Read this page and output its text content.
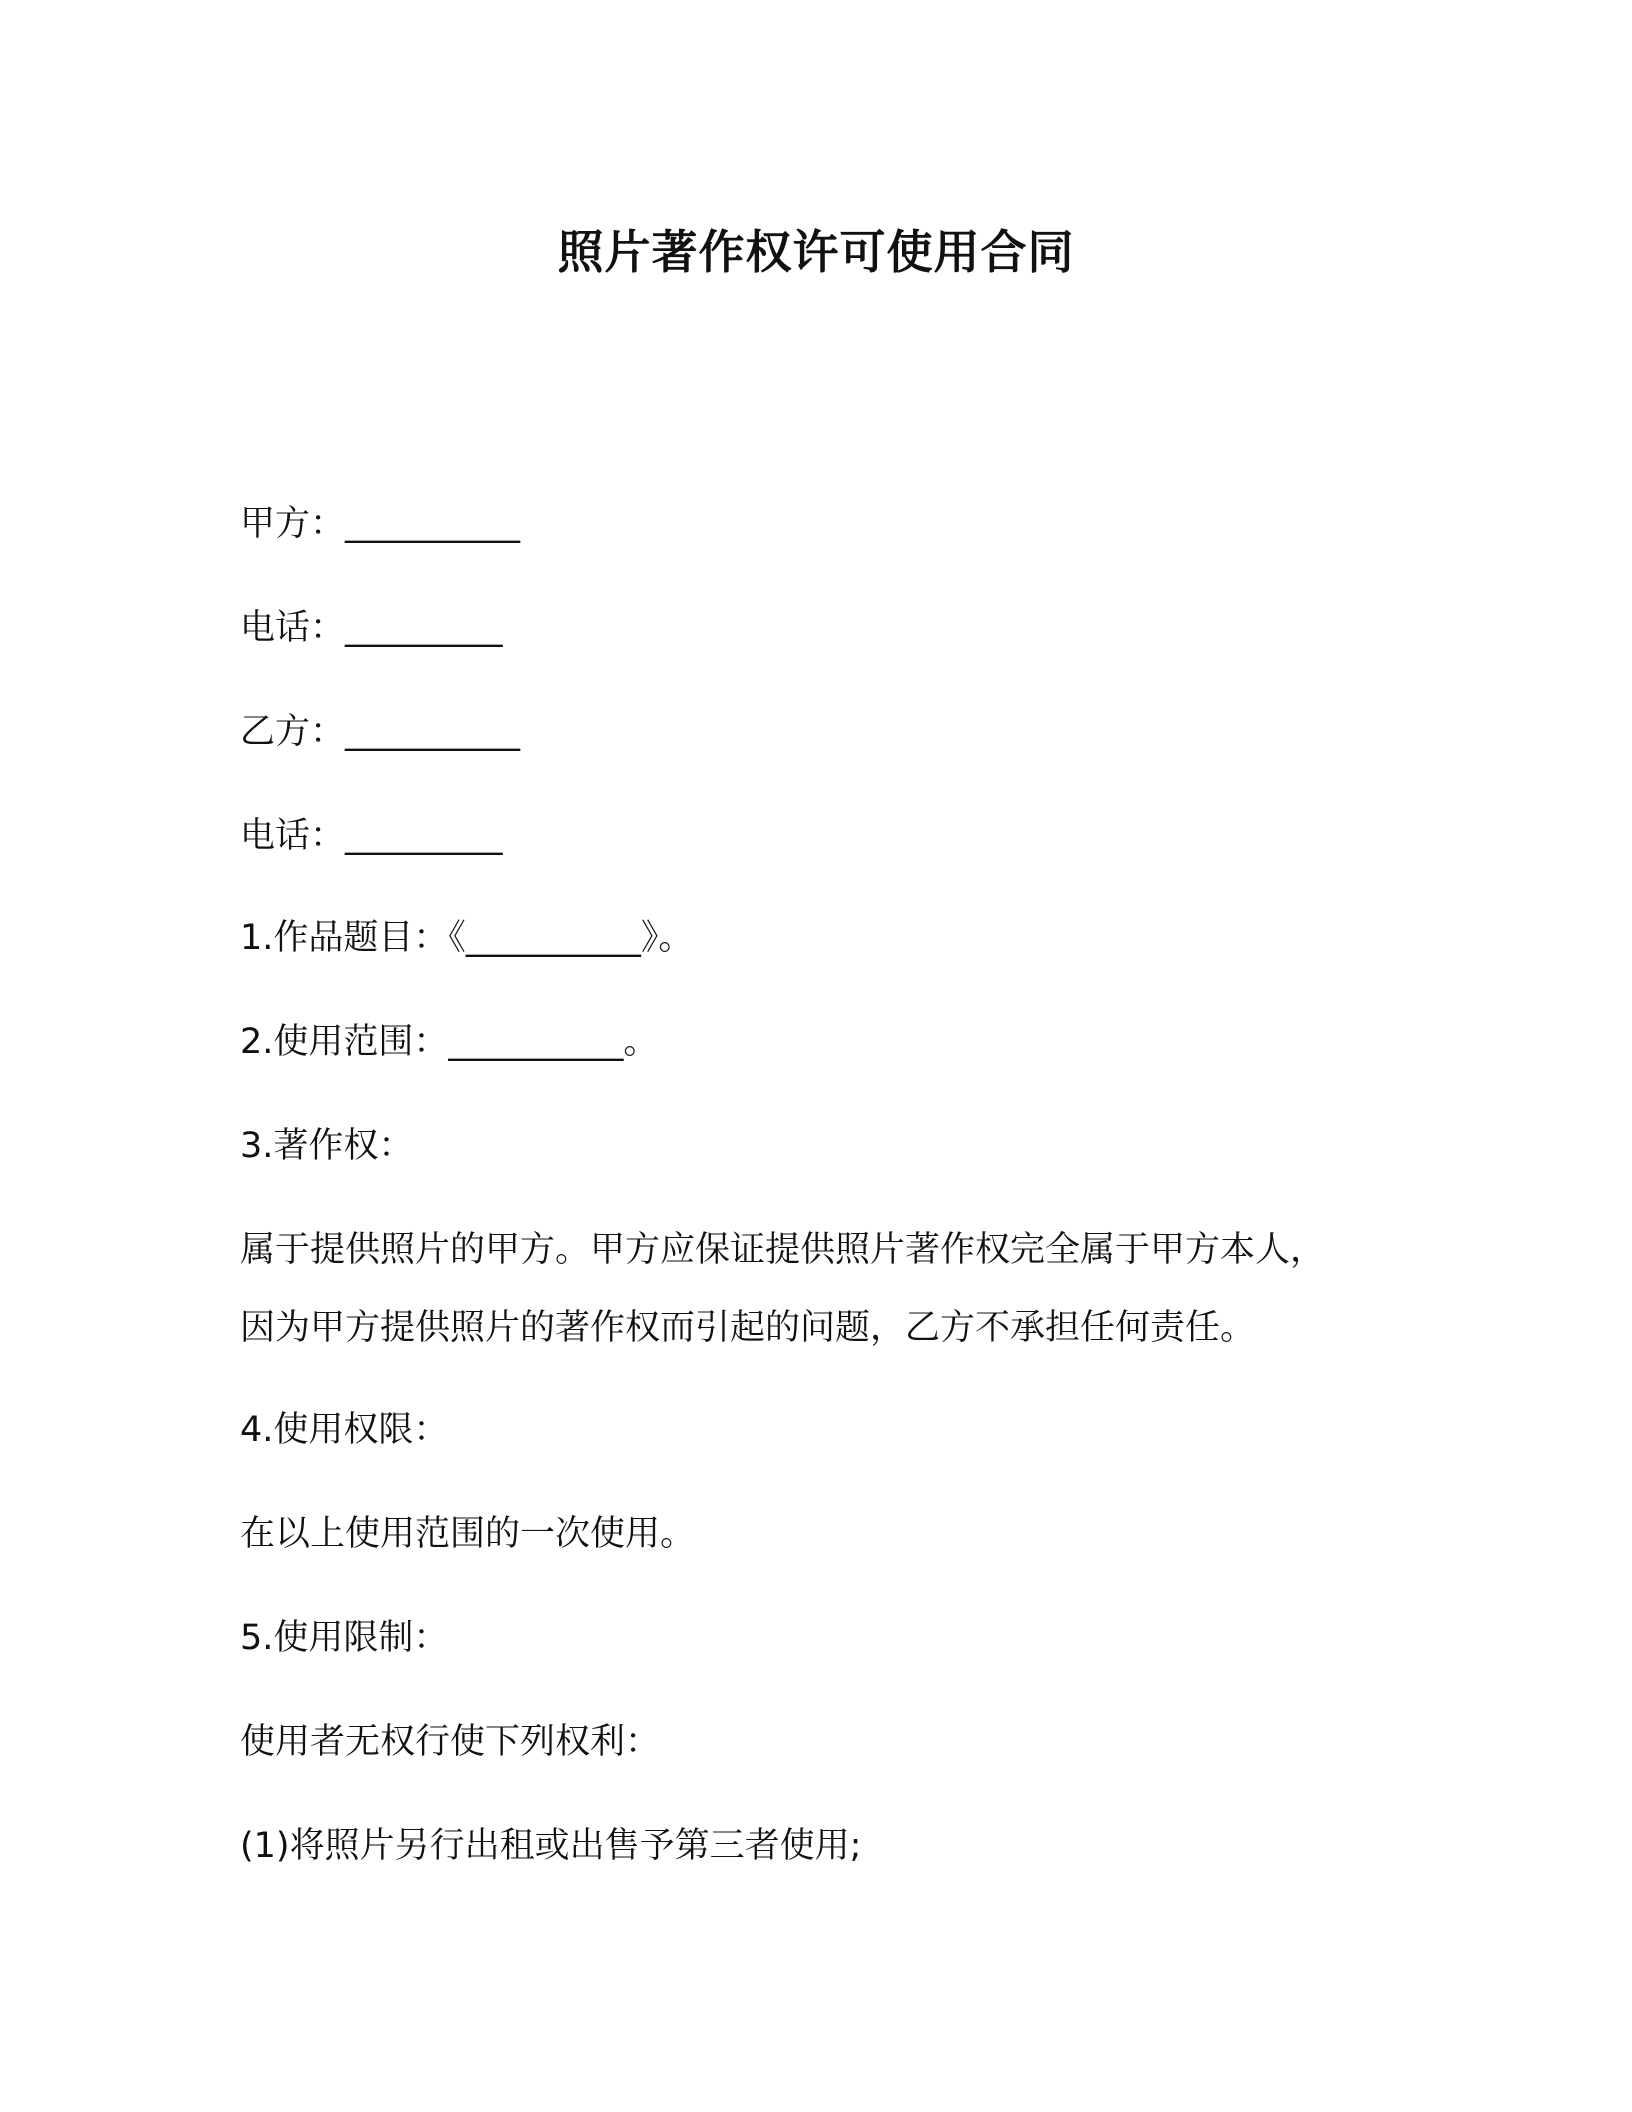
照片著作权许可使用合同
甲方：__________
电话：_________
乙方：__________
电话：_________
1.作品题目：《__________》。
2.使用范围：__________。
3.著作权：
属于提供照片的甲方。甲方应保证提供照片著作权完全属于甲方本人，
因为甲方提供照片的著作权而引起的问题，乙方不承担任何责任。
4.使用权限：
在以上使用范围的一次使用。
5.使用限制：
使用者无权行使下列权利：
(1)将照片另行出租或出售予第三者使用;
